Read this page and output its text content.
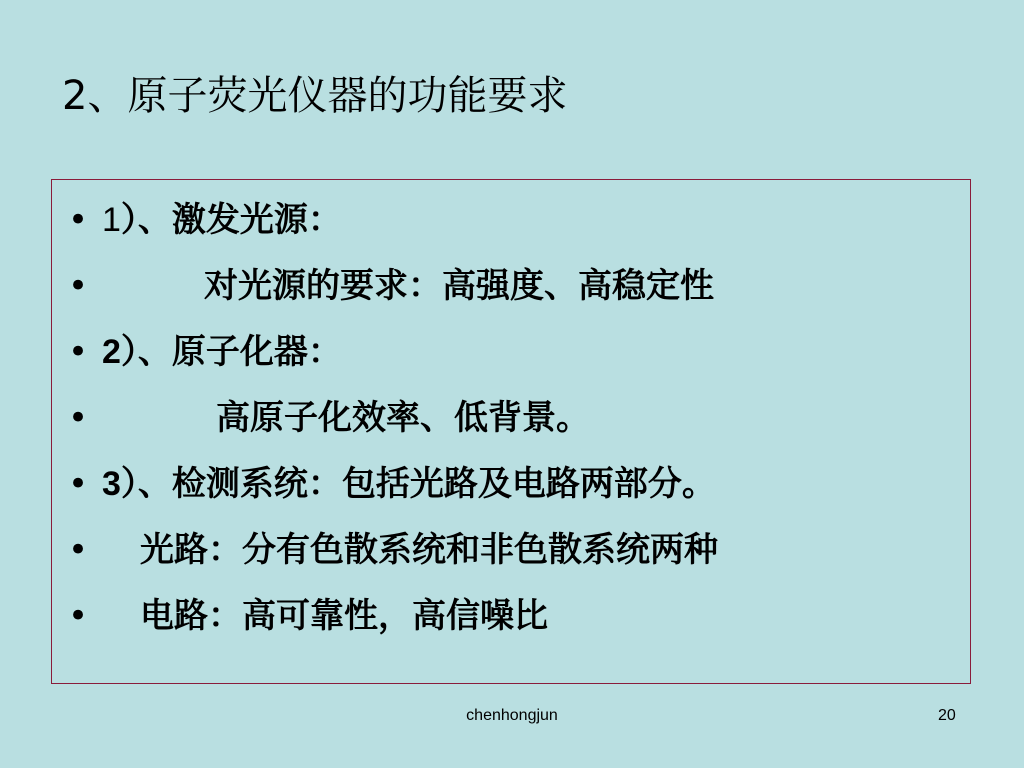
2、原子荧光仪器的功能要求
• 1）、激发光源：
•	对光源的要求：高强度、高稳定性
• 2）、原子化器：
•	高原子化效率、低背景。
• 3）、检测系统：包括光路及电路两部分。
• 光路：分有色散系统和非色散系统两种
• 电路：高可靠性，高信噪比
chenhongjun	20
